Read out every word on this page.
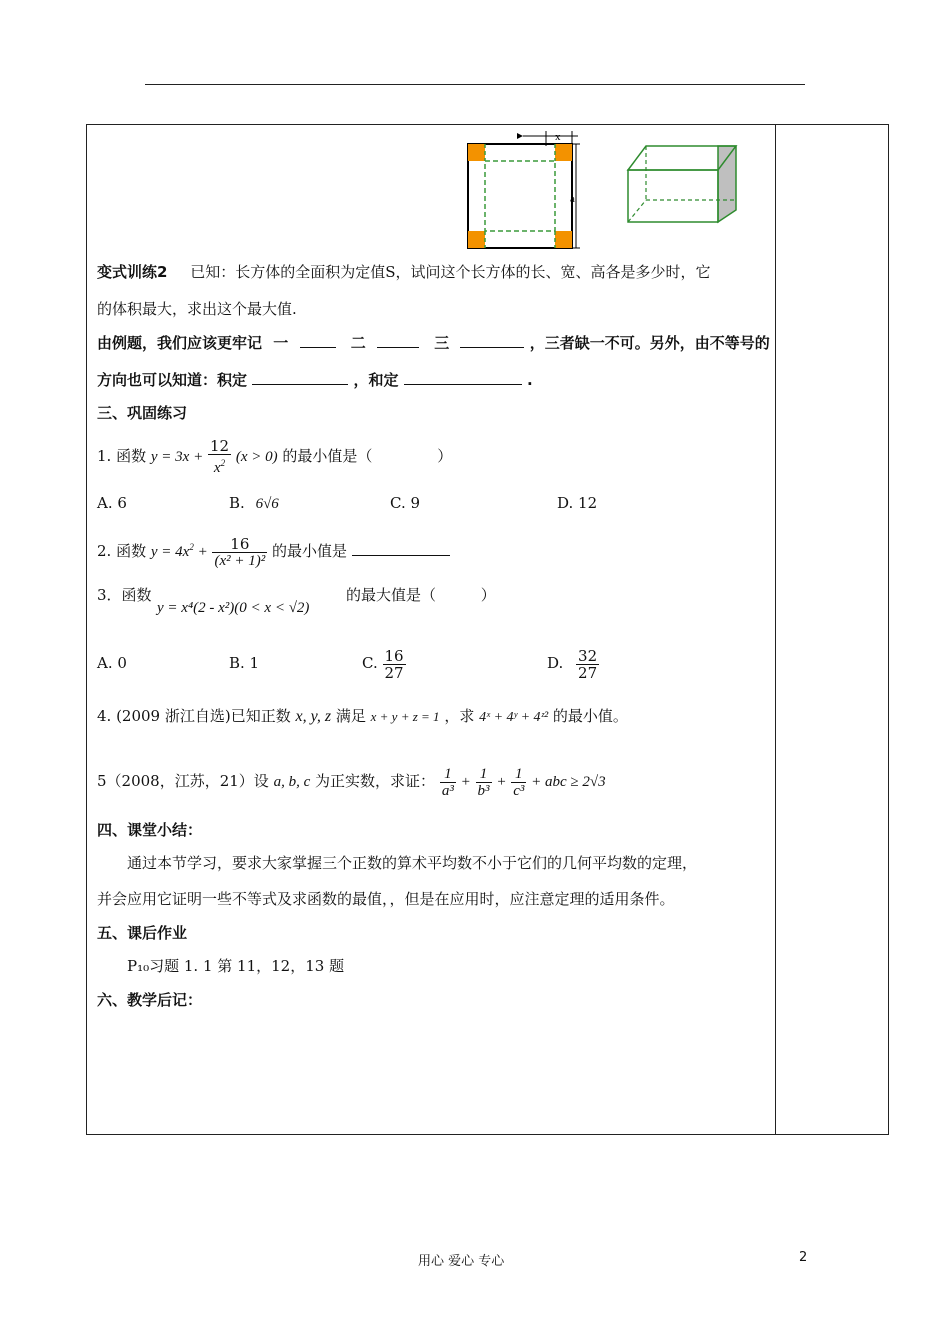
x
a
变式训练2 已知：长方体的全面积为定值S，试问这个长方体的长、宽、高各是多少时，它
的体积最大，求出这个最大值.
由例题，我们应该更牢记 一	二	三	，三者缺一不可。另外，由不等号的
方向也可以知道：积定	，和定	.
三、巩固练习
1. 函数 $y = 3x + \frac{12}{x^2} (x > 0)$ 的最小值是（	）
A. 6	B. 6√6	C. 9	D. 12
2. 函数 $y = 4x^2 + \frac{16}{\text{(x² + 1)²}}$ 的最小值是
3．函数
y = x⁴(2 - x²)(0 < x < √2)
的最大值是（	）
A. 0	B. 1	C. $\frac{16}{27}$	D. $\frac{32}{27}$
4. (2009 浙江自选)已知正数 x, y, z 满足 x + y + z = 1 ，求 4ˣ + 4ʸ + 4ᶻ² 的最小值。
5（2008，江苏，21）设 a, b, c 为正实数，求证： $\frac{1}{\text{a³}} + \frac{1}{\text{b³}} + \frac{1}{\text{c³}}$ + abc ≥ 2√3
四、课堂小结：
通过本节学习，要求大家掌握三个正数的算术平均数不小于它们的几何平均数的定理，
并会应用它证明一些不等式及求函数的最值，，但是在应用时，应注意定理的适用条件。
五、课后作业
P₁₀习题 1. 1 第 11，12，13 题
六、教学后记：
用心 爱心 专心	2
